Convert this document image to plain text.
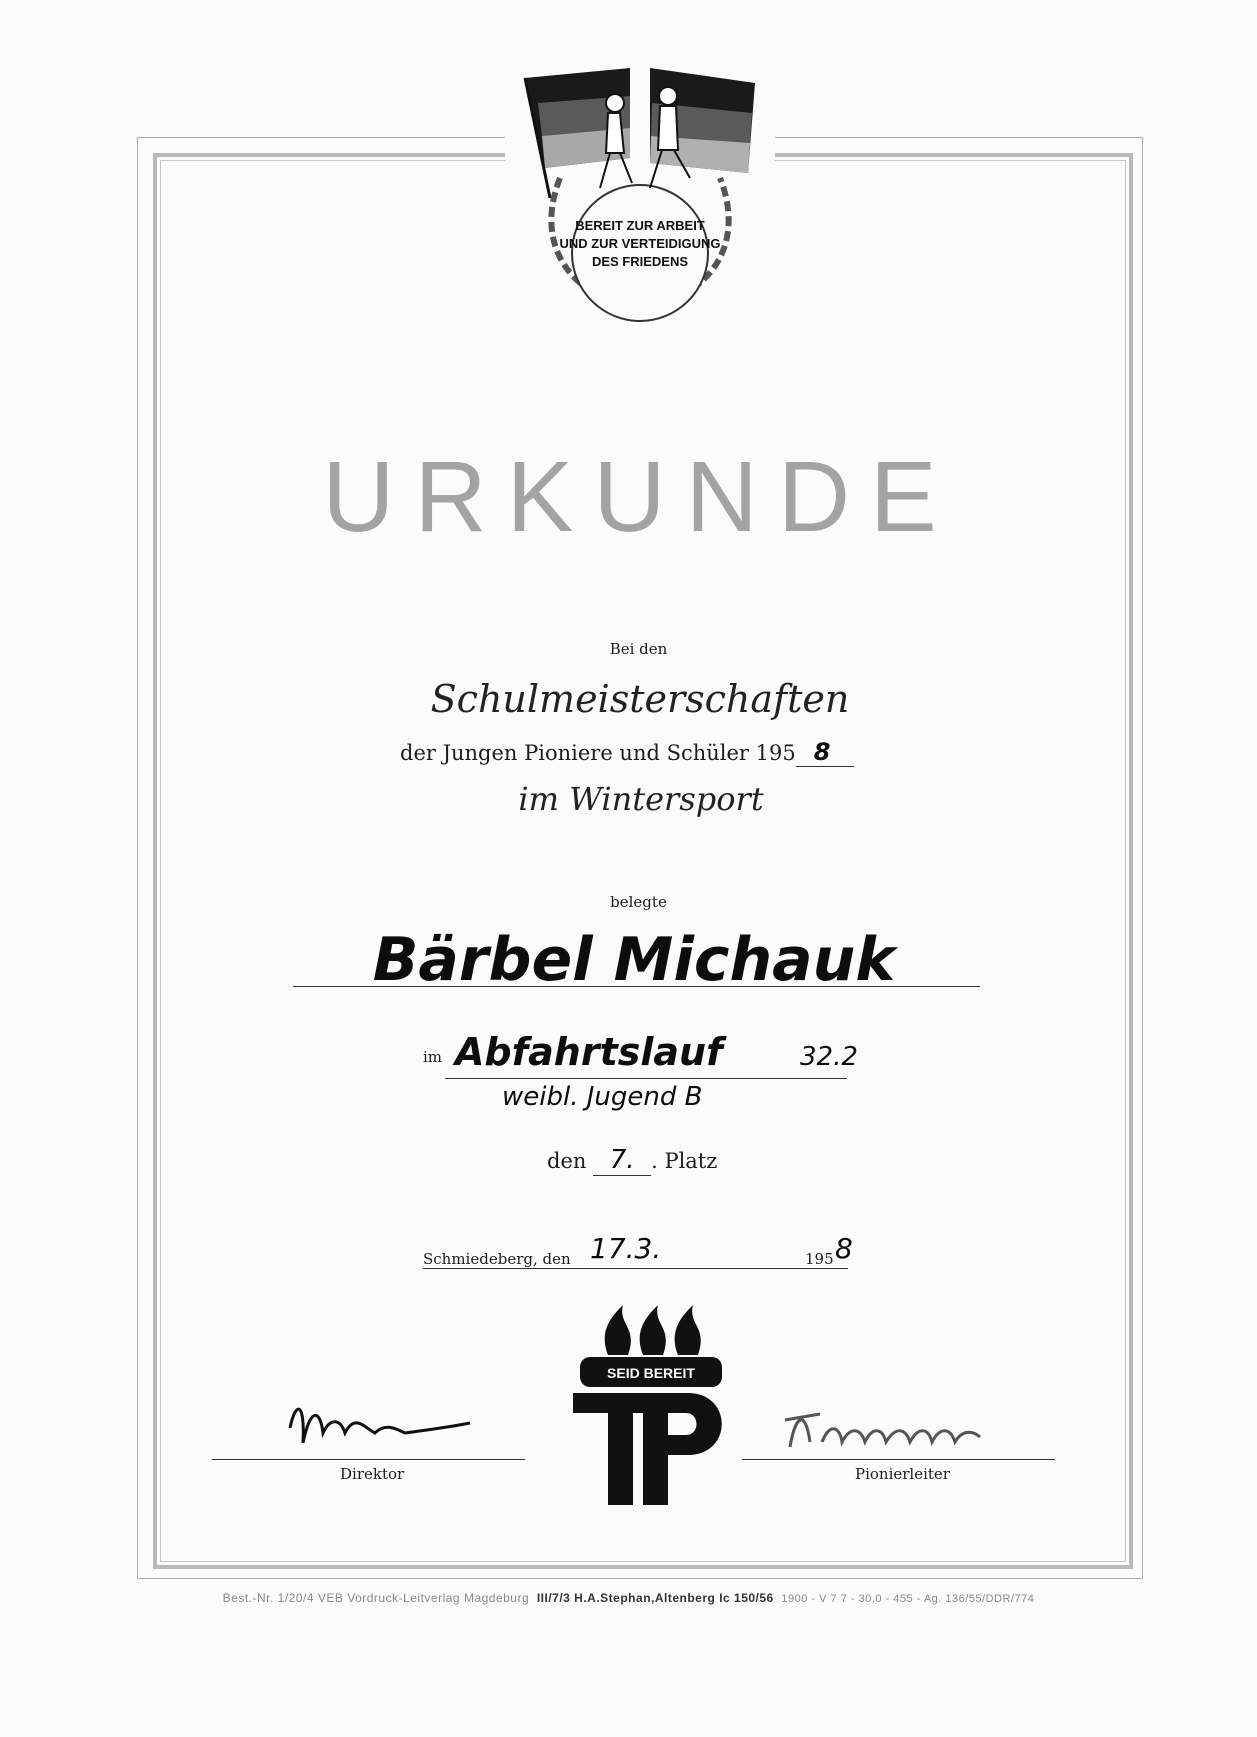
BEREIT ZUR ARBEIT
UND ZUR VERTEIDIGUNG
DES FRIEDENS
URKUNDE
Bei den
Schulmeisterschaften
der Jungen Pioniere und Schüler 195 8
im Wintersport
belegte
Bärbel Michauk
im Abfahrtslauf	32.2
weibl. Jugend B
den 7. . Platz
Schmiedeberg, den 17.3.	195 8
SEID BEREIT
Direktor	Pionierleiter
Best.-Nr. 1/20/4 VEB Vordruck-Leitverlag Magdeburg III/7/3 H.A.Stephan,Altenberg Ic 150/56 1900 - V 7 7 - 30,0 - 455 - Ag. 136/55/DDR/774
